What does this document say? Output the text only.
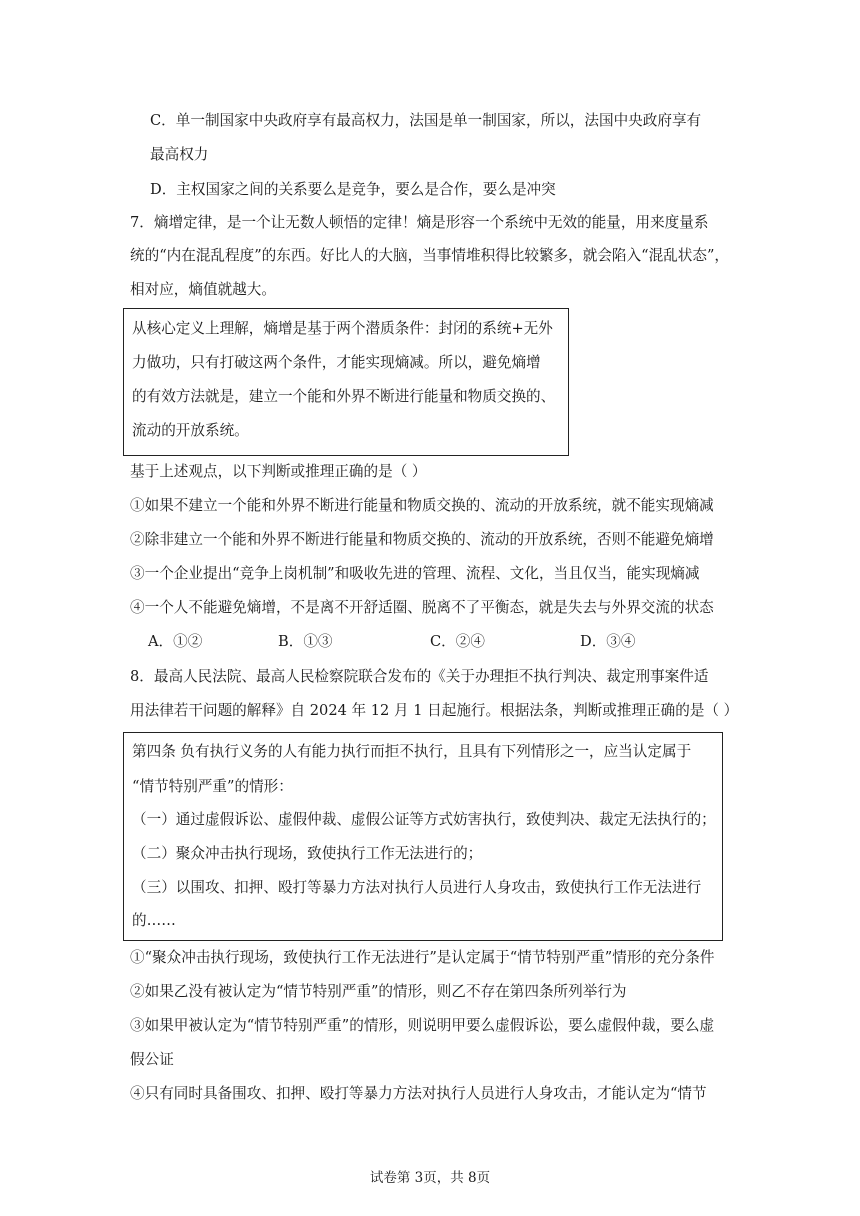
C．单一制国家中央政府享有最高权力，法国是单一制国家，所以，法国中央政府享有
最高权力
D．主权国家之间的关系要么是竞争，要么是合作，要么是冲突
7．熵增定律，是一个让无数人顿悟的定律！熵是形容一个系统中无效的能量，用来度量系
统的“内在混乱程度”的东西。好比人的大脑，当事情堆积得比较繁多，就会陷入“混乱状态”，
相对应，熵值就越大。
从核心定义上理解，熵增是基于两个潜质条件：封闭的系统+无外
力做功，只有打破这两个条件，才能实现熵减。所以，避免熵增
的有效方法就是，建立一个能和外界不断进行能量和物质交换的、
流动的开放系统。
基于上述观点，以下判断或推理正确的是（ ）
①如果不建立一个能和外界不断进行能量和物质交换的、流动的开放系统，就不能实现熵减
②除非建立一个能和外界不断进行能量和物质交换的、流动的开放系统，否则不能避免熵增
③一个企业提出“竞争上岗机制”和吸收先进的管理、流程、文化，当且仅当，能实现熵减
④一个人不能避免熵增，不是离不开舒适圈、脱离不了平衡态，就是失去与外界交流的状态
A．①②	B．①③	C．②④	D．③④
8．最高人民法院、最高人民检察院联合发布的《关于办理拒不执行判决、裁定刑事案件适
用法律若干问题的解释》自 2024 年 12 月 1 日起施行。根据法条，判断或推理正确的是（ ）
第四条 负有执行义务的人有能力执行而拒不执行，且具有下列情形之一，应当认定属于
“情节特别严重”的情形：
（一）通过虚假诉讼、虚假仲裁、虚假公证等方式妨害执行，致使判决、裁定无法执行的；
（二）聚众冲击执行现场，致使执行工作无法进行的；
（三）以围攻、扣押、殴打等暴力方法对执行人员进行人身攻击，致使执行工作无法进行
的……
①“聚众冲击执行现场，致使执行工作无法进行”是认定属于“情节特别严重”情形的充分条件
②如果乙没有被认定为“情节特别严重”的情形，则乙不存在第四条所列举行为
③如果甲被认定为“情节特别严重”的情形，则说明甲要么虚假诉讼，要么虚假仲裁，要么虚
假公证
④只有同时具备围攻、扣押、殴打等暴力方法对执行人员进行人身攻击，才能认定为“情节
试卷第 3页，共 8页
